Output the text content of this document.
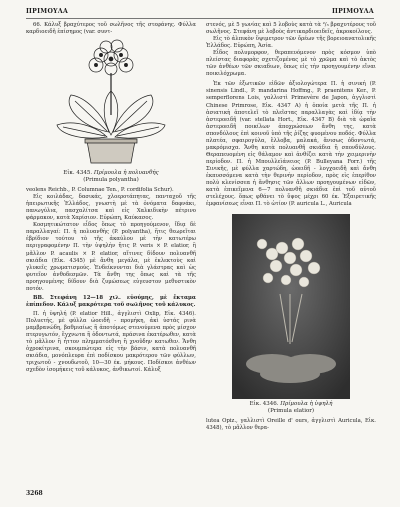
ΠΡΙΜΟΥΛΑ	ΠΡΙΜΟΥΛΑ

66. Κάλυξ βραχύτερος τοῦ σωλῆνος τῆς στεφάνης. Φύλλα καρδιοειδῆ ἐπίσημος (var. συντ-

Εἰκ. 4345. Πρίμουλα ἡ πολυανθής
(Primula polyantha)

veolens Reichb., P. Columnae Ten., P. cordifolia Schur).

Εἰς κοιλάδας, δασικάς, χλοεροτάπητας, πανταχοῦ τῆς ἠπειρωτικῆς Ἑλλάδος, γνωστὴ μὲ τὰ ὀνόματα δαφνάκι, πανωγύλια, πασχαλίτσα καὶ εἰς Χαλκιδικὴν πέτρινο φάρμακον, κατὰ Χαρίσιον. Εὐρώπη, Καύκασος.

Κοσμητικώτατον εἶδος ὅπως τὸ προηγούμενον, ἴδιᾳ δὲ παραλλαγαί: Π. ἡ πολυανθὴς (P. polyantha), ἥτις θεωρεῖται ἐβρίδιον τούτου τὸ τῆς ἀκαύλου μὲ τὴν κατωτέρω περιγραφομένην Π. τὴν ὑψηλὴν ἥτις P. veris × P. elatior, ἢ μᾶλλον P. acaulis × P. elatior, αἵτινες δίδουν πολυανθῆ σκιάδια (Εἰκ. 4345) μὲ ἄνθη μεγάλα, μὲ ἐκλεκτοὺς καὶ γλυκεῖς χρωματισμούς. Ἐνδείκνυνται διὰ γλάστρας καὶ ὡς φυτεῖον ἀνθοδεσμῶν. Τὰ ἄνθη της ὅπως καὶ τὰ τῆς προηγουμένης δίδουν διὰ ζυμώσεως εὐγευστον μεθυστικὸν ποτόν.

ΒΒ. Στεφάνη 12—18 χιλ. εὐούμης, μὲ ἔκταμα ἐπίπεδον. Κάλυξ μακρότερα τοῦ σωλῆνος τοῦ κάλυκος.

Π. ἡ ὑψηλή (P. elatior Hill., ἀγγλιστὶ Oxlip, Εἰκ. 4346). Πολυετής, μὲ φύλλα ὠοειδῆ - προμήκη, ἀκὶ ὑστάς ρινὰ μαμβρανώδη, βαθμιαίως ἢ ἀποτόμως στενούμενα πρὸς μίσχον πτερυγωτόν, ἔγχνωτα ἢ ὀδοντωτά, πράσινα ἑκατέρωθεν, κατὰ τὸ μᾶλλον ἢ ἧττον πλημματόεθνη ἢ χνοῦδην κατωθεν. Ἄνθη ὀχροκίτρινα, σκουμπώτερα εἰς τὴν βάσιν, κατὰ πολυανθῆ σκιάδια, μονόπλευρα ἐπὶ ποδίσκου μακρότερου τῶν φύλλων, τριχωτοῦ - χνουδωτοῦ, 10—30 έκ. μήκους. Ποδίσκοι ἀνθέων σχεδὸν ἰσομήκεις τοῦ κάλυκος, ἀνθικωτοί. Κάλυξ

στενός, μὲ 5 γωνίας καὶ 5 λοβοὺς κατὰ τὰ ²/₃ βραχυτέρους τοῦ σωλῆνος. Στεφάνη μὲ λοβοὺς ἀντικαρδιοειδεῖς, ἀκροκοίλους.

Εἰς τὸ ἀλπικὸν ὕψιμετρον τῶν ὄρέων τῆς βορειοανατολικῆς Ἑλλάδος. Εὐρώπη, Ἀσία.

Εἶδος πολυμορφον, θεραπευόμενον πρὸς κόσμον ὑπὸ πλείστας διαφορὰς σχετιζομένας μὲ τὸ χρῶμα καὶ τὸ ἀκτὸς τῶν ἀνθέων τῶν σκιαδιων, ὅπως εἰς τὴν προηγουμένην εἴναι ποικιλόχρωμα.

Ἐκ τῶν ἐξωτικῶν εἰδῶν ἀξιολογώτερα Π. ἡ σινική (P. sinensis Lindl., P. mandarina Hoffmg., P. praenitens Ker., P. semperflorens Lois, γαλλιστὶ Primevère de Japon, ἀγγλιστὶ Chinese Primrose, Εἰκ. 4347 Α) ἡ ὁποία μετὰ τῆς Π. ἡ ἀσιατικὴ ἀποτελεῖ τὸ πλεῖστας παραλλαγὰς καὶ ἰδίᾳ τὴν ἀστεροειδῆ (var. stellata Hort., Εἰκ. 4347 Β) διὰ τὰ ὡραῖα ἀστεροειδῆ ποικίλων ἀποχρώσεων ἄνθη της, κατὰ σπονδύλους ἐπὶ κοινοῦ ὑπὸ τῆς ῥίζης φυομένου ποδός. Φύλλα πλατέα, σφαιρογύλα, ἔλλοβα, μαλακά, ἄνισως ὀδοντωτά, μακρόμισχα. Ἄνθη κατὰ πολυανθῆ σκιάδια ἢ σπονδύλους. Θεραπευομένη εἰς θάλαμον καὶ ἀνθίζει κατὰ τὴν χειμερινὴν περίοδον. Π. ἡ Μπουλλεϊάνειος (P. Bulleyana Forr.) τῆς Σινικῆς, μὲ φύλλα χαρτώδη, ὠοειδῆ - λογχοειδῆ καὶ ἄνθη ἐκπυσσόμενα κατὰ τὴν θερινὴν περίοδον, πρὸς εἰς ἐπερίθον πολὺ κλενίσσεα ἡ ἄνθησις τῶν ἄλλων προηγουμένων εἰδῶν, κατὰ ἐπικεῖμενα 6—7 πολυανθῆ σκιάδια ἐπὶ τοῦ αὐτοῦ στελέχους. ὅπως φθάνει τὸ ὕψος μέχρι 60 έκ. Ἐξαιρετικῆς ἐμφανίσεως εἶναι Π. τὸ ὠτίον (P. auricula L., Auricula

Εἰκ. 4346. Πρίμουλα ἡ ὑψηλή
(Primula elatior)

lutea Opiz., γαλλιστὶ Oreille d' ours, ἀγγλιστὶ Auricula, Εἰκ. 4348), τὸ μᾶλλον θερα-

3268
